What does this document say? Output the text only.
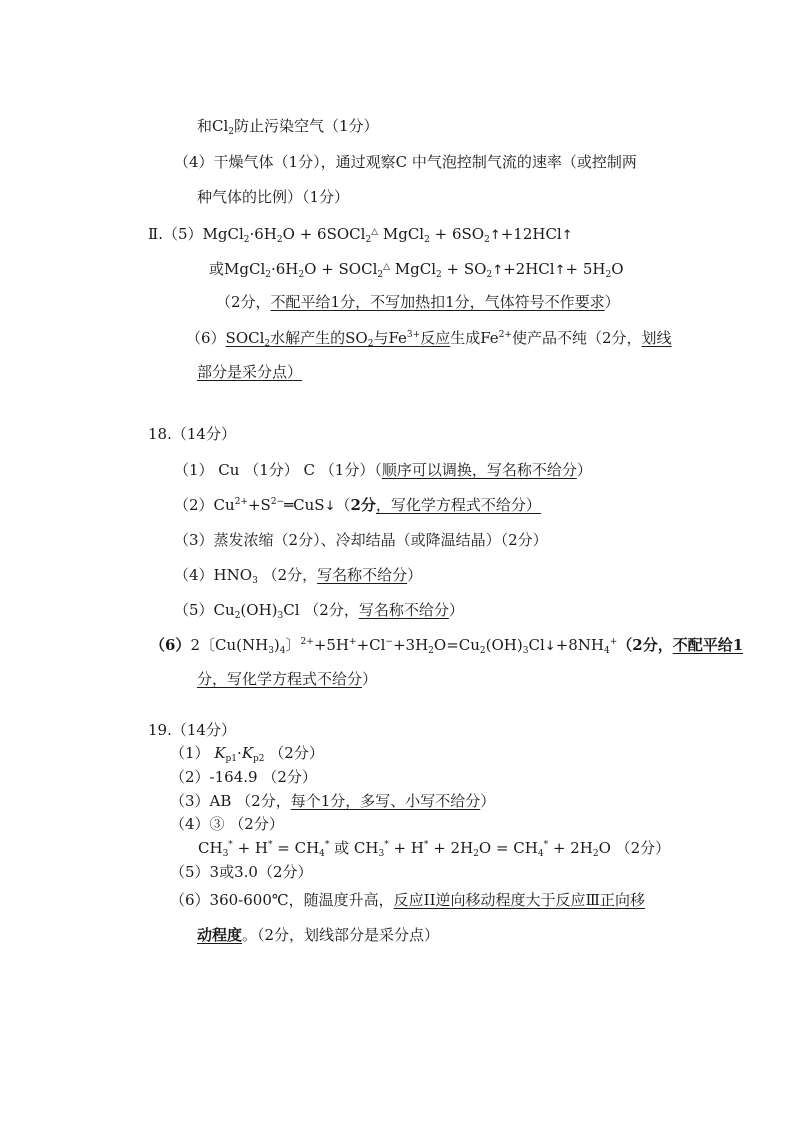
和$Cl_2$防止污染空气（1分）
（4）干燥气体（1分），通过观察C 中气泡控制气流的速率（或控制两
种气体的比例）（1分）
$Ⅱ.(5)MgCl_2\cdot 6H_2O$ + 6SOCl$_2$△ MgCl$_2$ + $6SO_2↑+12HCl↑$
或$MgCl_2\cdot 6H_2O$ + SOCl$_2$△ MgCl$_2$ + $SO_2↑+2HCl↑+ 5H_2O$
（2分，不配平给1分，不写加热扣1分，气体符号不作要求）
（6）SOCl$_2$水解产生的$SO_2$与$Fe^{3+}$反应生成$Fe^{2+}$使产品不纯（2分，划线
部分是采分点）
18.（14分）
（1） Cu （1分） C （1分）（顺序可以调换，写名称不给分）
$(2)Cu^{2+}+S^{2-}═CuS↓(2$分，写化学方程式不给分）
（3）蒸发浓缩（2分）、冷却结晶（或降温结晶）（2分）
$(4)HNO_3$ （2分，写名称不给分）
$(5)Cu_2(OH)_3Cl$ （2分，写名称不给分）
（6）2〔$Cu(NH_3)_4$〕$^{2+}+5H^++Cl^-+3H_2O=Cu_2(OH)_3Cl↓+8NH_4^+(2$分，不配平给1
分，写化学方程式不给分）
19.（14分）
（1） $K_{p1}\cdot K_{p2}$ （2分）
（2）-164.9 （2分）
（3）AB （2分，每个1分，多写、小写不给分）
（4）③ （2分）
$CH_3^* + H^* = CH_4^*$ 或 $CH_3^* + H^* + 2H_2O = CH_4^* + 2H_2O$ （2分）
（5）3或3.0（2分）
（6）360-600℃，随温度升高，反应II逆向移动程度大于反应Ⅲ正向移
动程度。（2分，划线部分是采分点）
